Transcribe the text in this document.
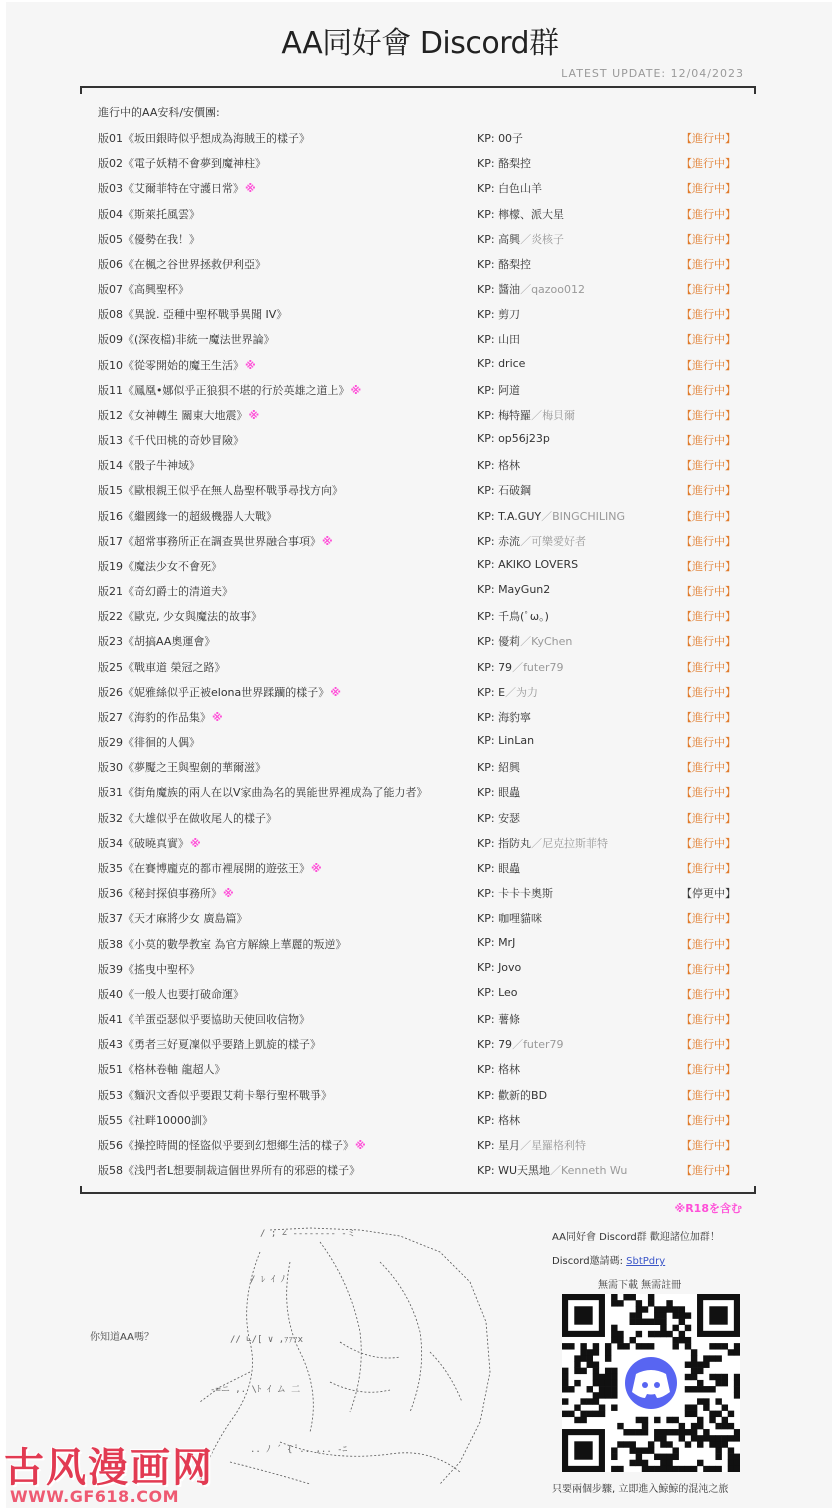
AA同好會 Discord群
LATEST UPDATE: 12/04/2023
進行中的AA安科/安價團:
版01《坂田銀時似乎想成為海賊王的樣子》	KP: 00子	【進行中】
版02《電子妖精不會夢到魔神柱》	KP: 酪梨控	【進行中】
版03《艾爾菲特在守護日常》※	KP: 白色山羊	【進行中】
版04《斯萊托風雲》	KP: 檸檬、派大星	【進行中】
版05《優勢在我！》	KP: 高興／炎核子	【進行中】
版06《在楓之谷世界拯救伊利亞》	KP: 酪梨控	【進行中】
版07《高興聖杯》	KP: 醬油／qazoo012	【進行中】
版08《異說. 亞種中聖杯戰爭異聞 IV》	KP: 剪刀	【進行中】
版09《(深夜檔)非統一魔法世界論》	KP: 山田	【進行中】
版10《從零開始的魔王生活》※	KP: drice	【進行中】
版11《鳳凰•娜似乎正狼狽不堪的行於英雄之道上》※	KP: 阿道	【進行中】
版12《女神轉生 關東大地震》※	KP: 梅特羅／梅貝爾	【進行中】
版13《千代田桃的奇妙冒險》	KP: op56j23p	【進行中】
版14《骰子牛神域》	KP: 格林	【進行中】
版15《歐根親王似乎在無人島聖杯戰爭尋找方向》	KP: 石破鋼	【進行中】
版16《繼國緣一的超級機器人大戰》	KP: T.A.GUY／BINGCHILING	【進行中】
版17《超常事務所正在調查異世界融合事項》※	KP: 赤流／可樂愛好者	【進行中】
版19《魔法少女不會死》	KP: AKIKO LOVERS	【進行中】
版21《奇幻爵士的清道夫》	KP: MayGun2	【進行中】
版22《歐克, 少女與魔法的故事》	KP: 千鳥(ﾟω。)	【進行中】
版23《胡搞AA奧運會》	KP: 優莉／KyChen	【進行中】
版25《戰車道 榮冠之路》	KP: 79／futer79	【進行中】
版26《妮雅絲似乎正被elona世界蹂躪的樣子》※	KP: E／为力	【進行中】
版27《海豹的作品集》※	KP: 海豹寧	【進行中】
版29《徘徊的人偶》	KP: LinLan	【進行中】
版30《夢魘之王與聖劍的華爾滋》	KP: 紹興	【進行中】
版31《街角魔族的兩人在以V家曲為名的異能世界裡成為了能力者》	KP: 眼蟲	【進行中】
版32《大雄似乎在做收尾人的樣子》	KP: 安瑟	【進行中】
版34《破曉真實》※	KP: 指防丸／尼克拉斯菲特	【進行中】
版35《在賽博龐克的都市裡展開的遊弦王》※	KP: 眼蟲	【進行中】
版36《秘封探偵事務所》※	KP: 卡卡卡奧斯	【停更中】
版37《天才麻將少女 廣島篇》	KP: 咖哩貓咪	【進行中】
版38《小莫的數學教室 為官方解線上華麗的叛逆》	KP: MrJ	【進行中】
版39《搖曳中聖杯》	KP: Jovo	【進行中】
版40《一般人也要打破命運》	KP: Leo	【進行中】
版41《羊蛋亞瑟似乎要協助天使回收信物》	KP: 薯條	【進行中】
版43《勇者三好夏凜似乎要踏上凱旋的樣子》	KP: 79／futer79	【進行中】
版51《格林卷軸 龍超人》	KP: 格林	【進行中】
版53《麵沢文香似乎要跟艾莉卡舉行聖杯戰爭》	KP: 歡新的BD	【進行中】
版55《社畔10000訓》	KP: 格林	【進行中】
版56《操控時間的怪盜似乎要到幻想鄉生活的樣子》※	KP: 星月／星羅格利特	【進行中】
版58《浅門者L想要制裁這個世界所有的邪惡的樣子》	KP: WU天黑地／Kenneth Wu	【進行中】
※R18を含む
你知道AA嗎？
/ ; ∠ ‐‐‐‐‐‐‐‐ ‐ミ
/ ﾚ ｲ ﾉ
// ∟/[ ∨ ,ｧｧｧx
‐=ニ ,. \ﾄ ｲ ム 二
.. ﾉ ´ { ﾟ.. ,.. ‐ﾆ
AA同好會 Discord群 歡迎諸位加群！
Discord邀請碼: SbtPdry
無需下載 無需註冊
只要兩個步驟, 立即進入鯨鯨的混沌之旅
古风漫画网
WWW.GF618.COM
